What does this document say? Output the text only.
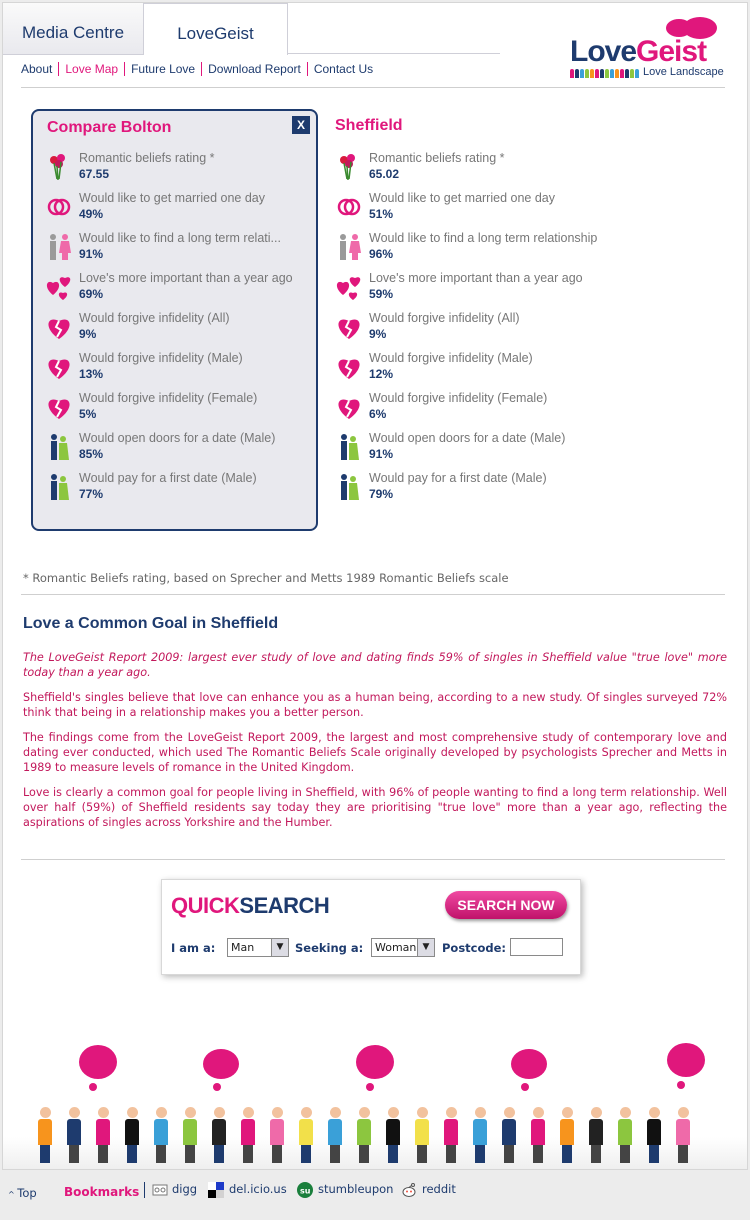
Media Centre	LoveGeist
About	Love Map	Future Love	Download Report	Contact Us
LoveGeist
Love Landscape
Compare Bolton	X	Sheffield
Romantic beliefs rating *
67.55
Romantic beliefs rating *
65.02
Would like to get married one day
49%
Would like to get married one day
51%
Would like to find a long term relati...
91%
Would like to find a long term relationship
96%
Love's more important than a year ago
69%
Love's more important than a year ago
59%
Would forgive infidelity (All)
9%
Would forgive infidelity (All)
9%
Would forgive infidelity (Male)
13%
Would forgive infidelity (Male)
12%
Would forgive infidelity (Female)
5%
Would forgive infidelity (Female)
6%
Would open doors for a date (Male)
85%
Would open doors for a date (Male)
91%
Would pay for a first date (Male)
77%
Would pay for a first date (Male)
79%
* Romantic Beliefs rating, based on Sprecher and Metts 1989 Romantic Beliefs scale
Love a Common Goal in Sheffield

The LoveGeist Report 2009: largest ever study of love and dating finds 59% of singles in Sheffield value "true love" more today than a year ago.

Sheffield's singles believe that love can enhance you as a human being, according to a new study. Of singles surveyed 72% think that being in a relationship makes you a better person.

The findings come from the LoveGeist Report 2009, the largest and most comprehensive study of contemporary love and dating ever conducted, which used The Romantic Beliefs Scale originally developed by psychologists Sprecher and Metts in 1989 to measure levels of romance in the United Kingdom.

Love is clearly a common goal for people living in Sheffield, with 96% of people wanting to find a long term relationship. Well over half (59%) of Sheffield residents say today they are prioritising "true love" more than a year ago, reflecting the aspirations of singles across Yorkshire and the Humber.

QUICKSEARCH	SEARCH NOW
I am a:	Man	▼	Seeking a:	Woman ▼	Postcode:
^ Top Bookmarks	digg	del.icio.us su stumbleupon reddit
